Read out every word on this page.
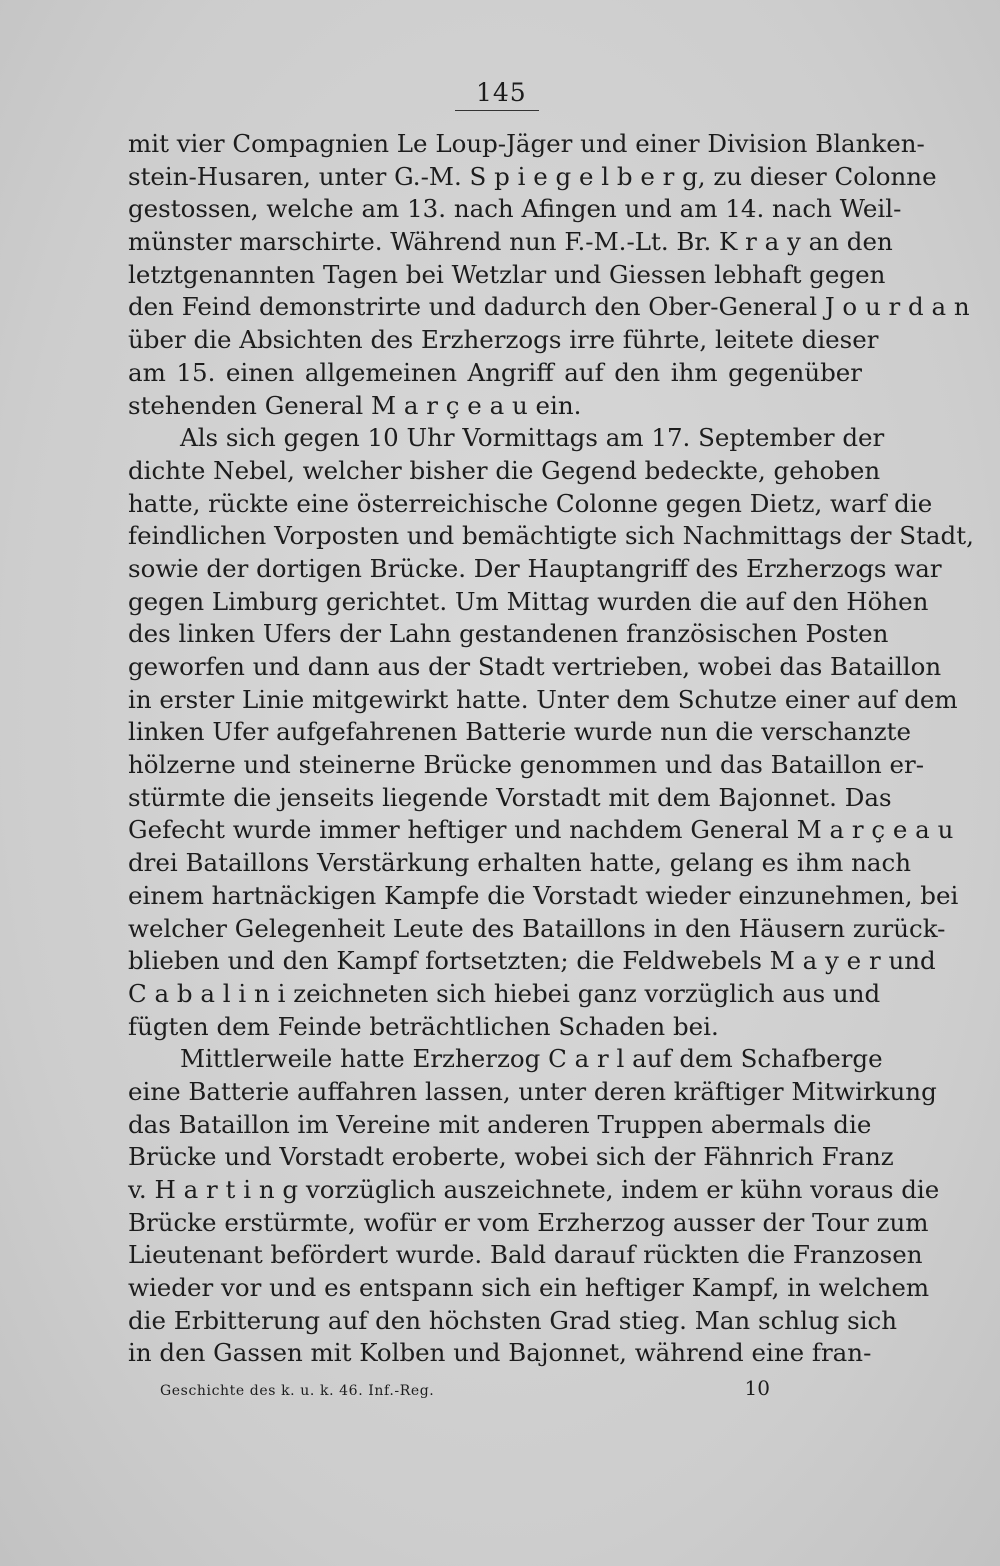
145
mit vier Compagnien Le Loup-Jäger und einer Division Blanken-
stein-Husaren, unter G.-M. S p i e g e l b e r g, zu dieser Colonne
gestossen, welche am 13. nach Afingen und am 14. nach Weil-
münster marschirte. Während nun F.-M.-Lt. Br. K r a y an den
letztgenannten Tagen bei Wetzlar und Giessen lebhaft gegen
den Feind demonstrirte und dadurch den Ober-General J o u r d a n
über die Absichten des Erzherzogs irre führte, leitete dieser
am 15. einen allgemeinen Angriff auf den ihm gegenüber
stehenden General M a r ç e a u ein.
Als sich gegen 10 Uhr Vormittags am 17. September der
dichte Nebel, welcher bisher die Gegend bedeckte, gehoben
hatte, rückte eine österreichische Colonne gegen Dietz, warf die
feindlichen Vorposten und bemächtigte sich Nachmittags der Stadt,
sowie der dortigen Brücke. Der Hauptangriff des Erzherzogs war
gegen Limburg gerichtet. Um Mittag wurden die auf den Höhen
des linken Ufers der Lahn gestandenen französischen Posten
geworfen und dann aus der Stadt vertrieben, wobei das Bataillon
in erster Linie mitgewirkt hatte. Unter dem Schutze einer auf dem
linken Ufer aufgefahrenen Batterie wurde nun die verschanzte
hölzerne und steinerne Brücke genommen und das Bataillon er-
stürmte die jenseits liegende Vorstadt mit dem Bajonnet. Das
Gefecht wurde immer heftiger und nachdem General M a r ç e a u
drei Bataillons Verstärkung erhalten hatte, gelang es ihm nach
einem hartnäckigen Kampfe die Vorstadt wieder einzunehmen, bei
welcher Gelegenheit Leute des Bataillons in den Häusern zurück-
blieben und den Kampf fortsetzten; die Feldwebels M a y e r und
C a b a l i n i zeichneten sich hiebei ganz vorzüglich aus und
fügten dem Feinde beträchtlichen Schaden bei.
Mittlerweile hatte Erzherzog C a r l auf dem Schafberge
eine Batterie auffahren lassen, unter deren kräftiger Mitwirkung
das Bataillon im Vereine mit anderen Truppen abermals die
Brücke und Vorstadt eroberte, wobei sich der Fähnrich Franz
v. H a r t i n g vorzüglich auszeichnete, indem er kühn voraus die
Brücke erstürmte, wofür er vom Erzherzog ausser der Tour zum
Lieutenant befördert wurde. Bald darauf rückten die Franzosen
wieder vor und es entspann sich ein heftiger Kampf, in welchem
die Erbitterung auf den höchsten Grad stieg. Man schlug sich
in den Gassen mit Kolben und Bajonnet, während eine fran-
Geschichte des k. u. k. 46. Inf.-Reg.	10
